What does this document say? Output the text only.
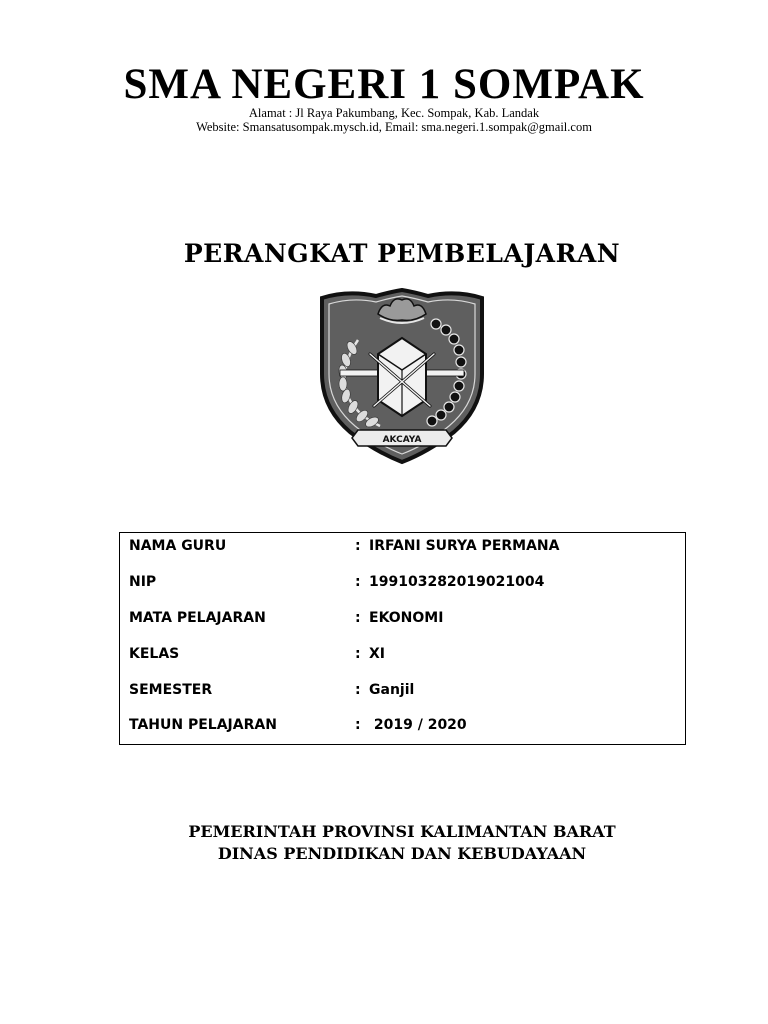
SMA NEGERI 1 SOMPAK
Alamat : Jl Raya Pakumbang, Kec. Sompak, Kab. Landak
Website: Smansatusompak.mysch.id, Email: sma.negeri.1.sompak@gmail.com
PERANGKAT PEMBELAJARAN
AKCAYA
NAMA GURU	: IRFANI SURYA PERMANA
NIP	: 199103282019021004
MATA PELAJARAN	: EKONOMI
KELAS	: XI
SEMESTER	: Ganjil
TAHUN PELAJARAN	: 2019 / 2020
PEMERINTAH PROVINSI KALIMANTAN BARAT
DINAS PENDIDIKAN DAN KEBUDAYAAN
